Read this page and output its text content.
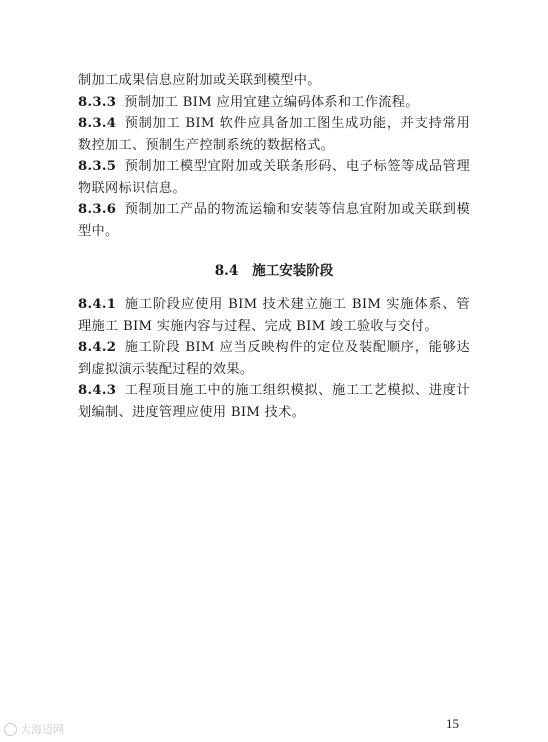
制加工成果信息应附加或关联到模型中。

8.3.3 预制加工 BIM 应用宜建立编码体系和工作流程。

8.3.4 预制加工 BIM 软件应具备加工图生成功能，并支持常用数控加工、预制生产控制系统的数据格式。

8.3.5 预制加工模型宜附加或关联条形码、电子标签等成品管理物联网标识信息。

8.3.6 预制加工产品的物流运输和安装等信息宜附加或关联到模型中。

8.4 施工安装阶段

8.4.1 施工阶段应使用 BIM 技术建立施工 BIM 实施体系、管理施工 BIM 实施内容与过程、完成 BIM 竣工验收与交付。

8.4.2 施工阶段 BIM 应当反映构件的定位及装配顺序，能够达到虚拟演示装配过程的效果。

8.4.3 工程项目施工中的施工组织模拟、施工工艺模拟、进度计划编制、进度管理应使用 BIM 技术。

大海迈网	15
